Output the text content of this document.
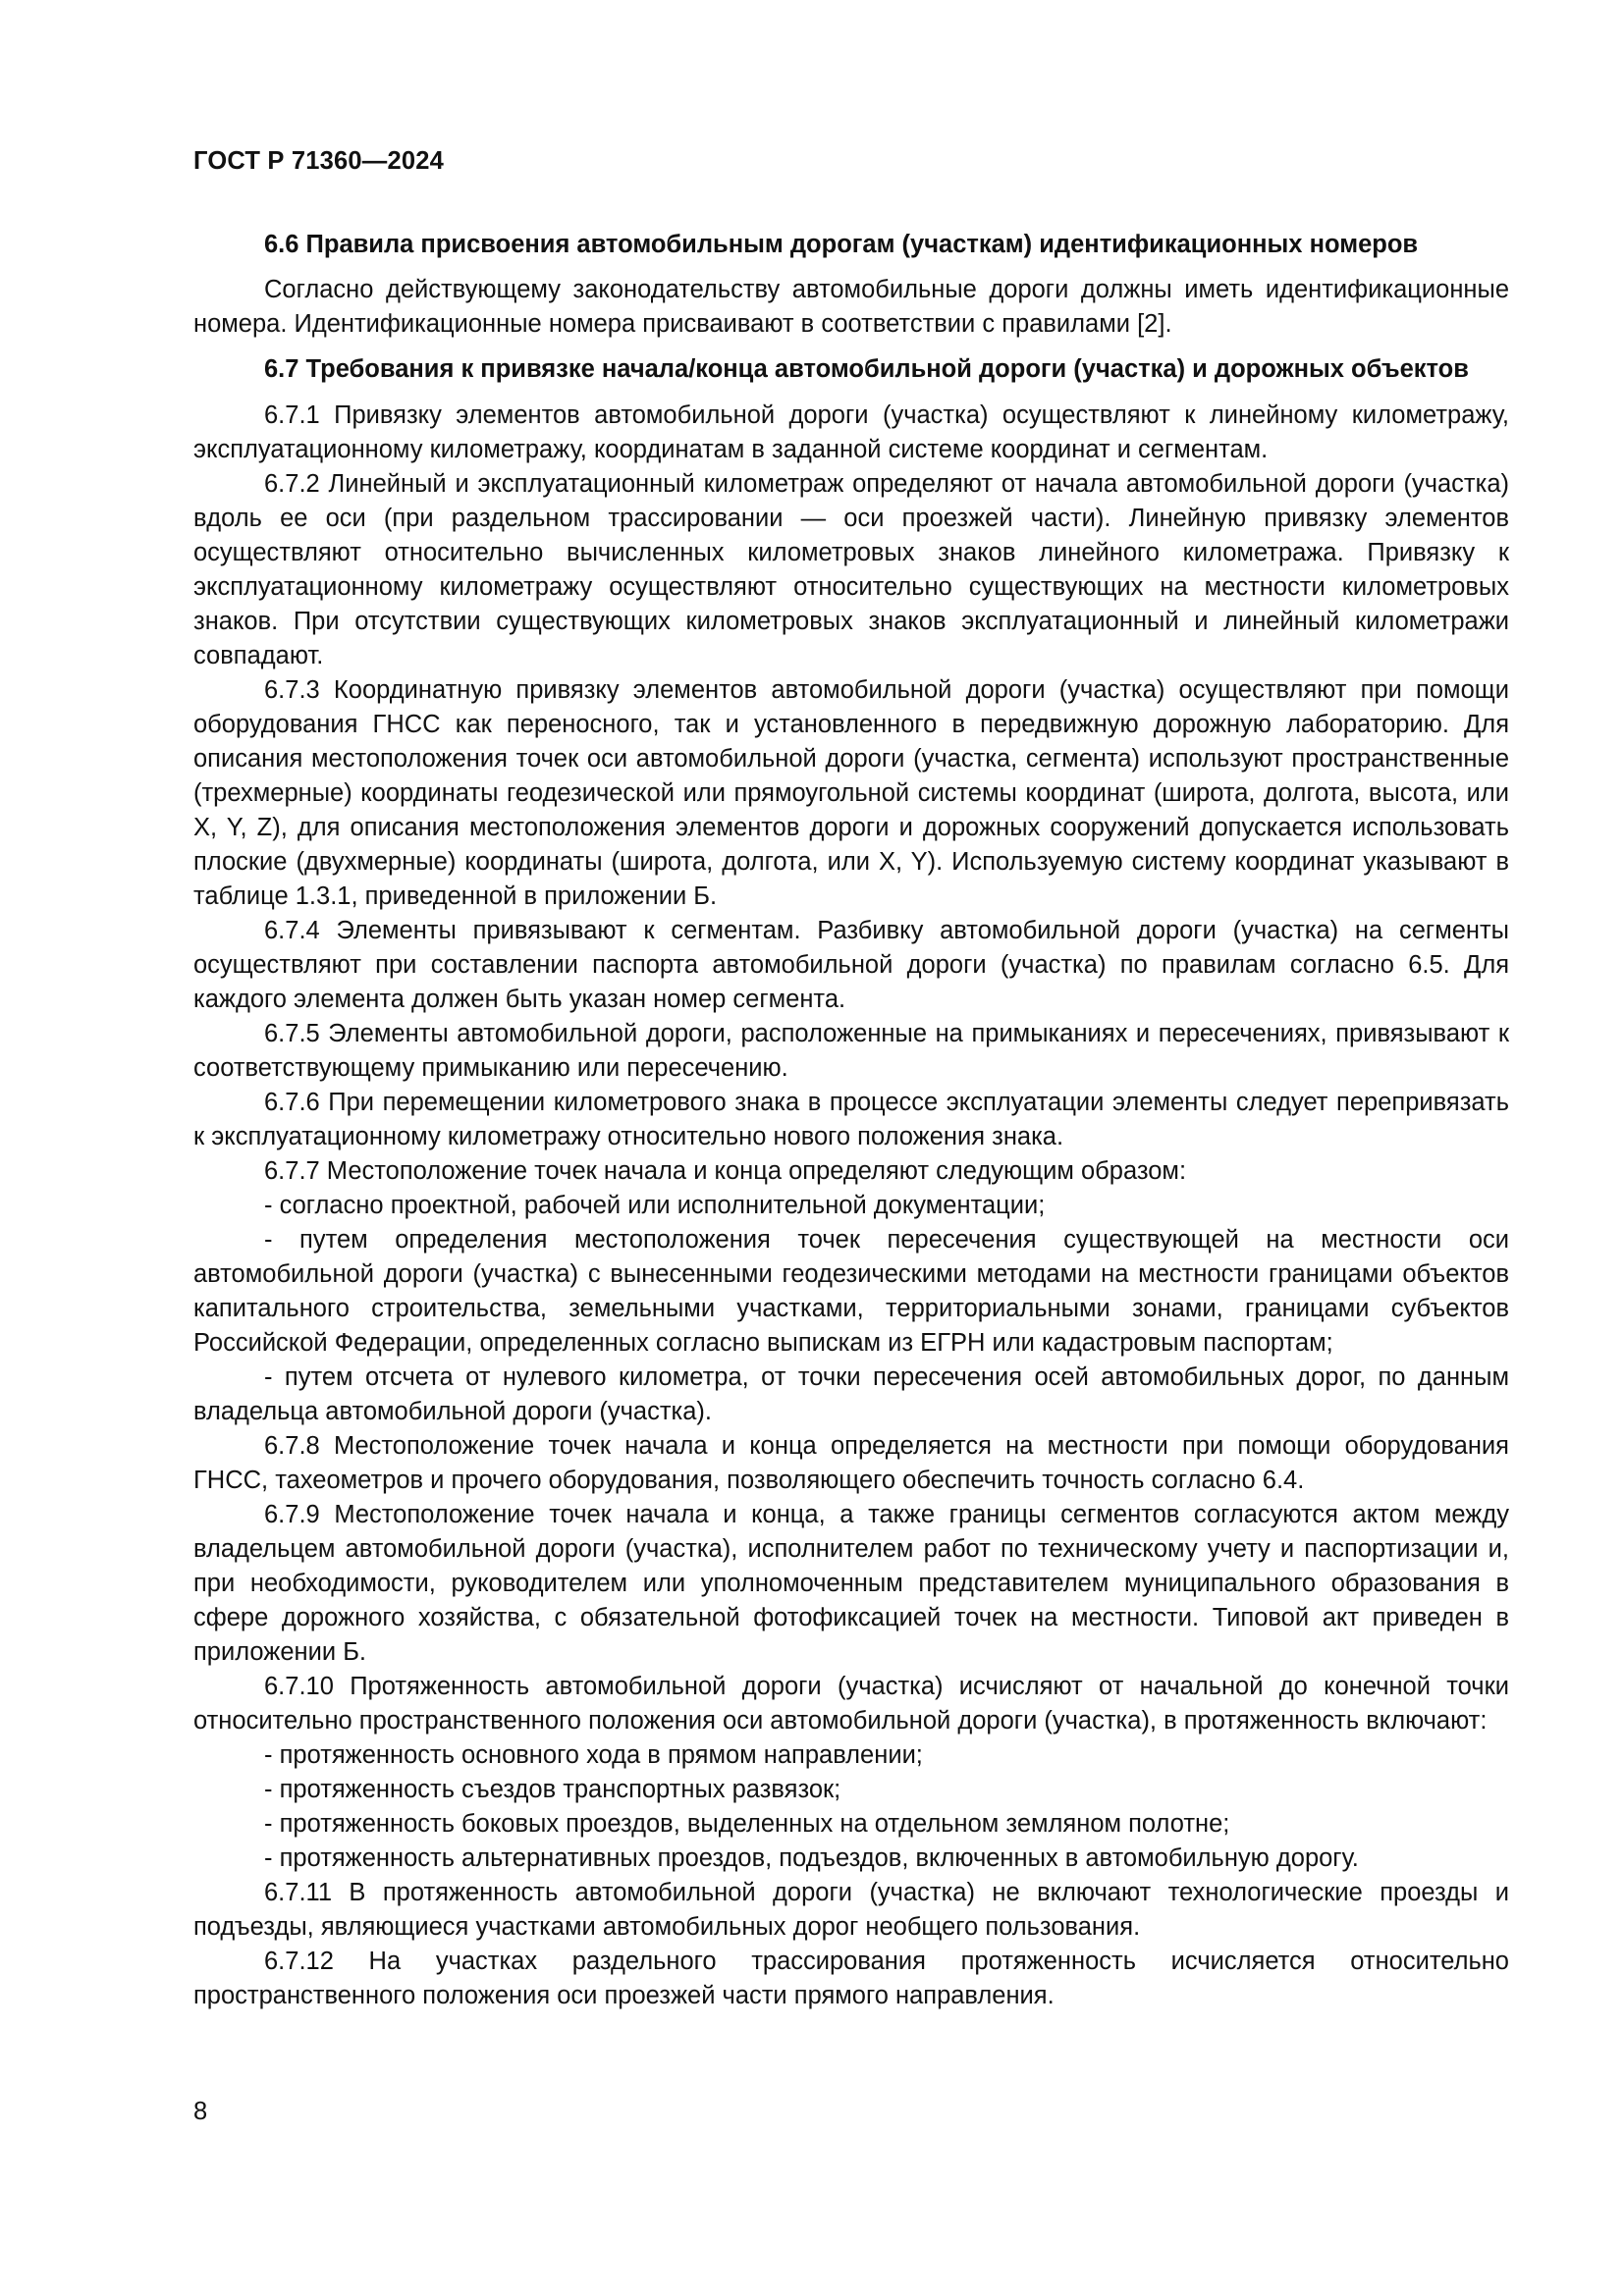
ГОСТ Р 71360—2024
6.6 Правила присвоения автомобильным дорогам (участкам) идентификационных номеров

Согласно действующему законодательству автомобильные дороги должны иметь идентификационные номера. Идентификационные номера присваивают в соответствии с правилами [2].

6.7 Требования к привязке начала/конца автомобильной дороги (участка) и дорожных объектов

6.7.1 Привязку элементов автомобильной дороги (участка) осуществляют к линейному километражу, эксплуатационному километражу, координатам в заданной системе координат и сегментам.

6.7.2 Линейный и эксплуатационный километраж определяют от начала автомобильной дороги (участка) вдоль ее оси (при раздельном трассировании — оси проезжей части). Линейную привязку элементов осуществляют относительно вычисленных километровых знаков линейного километража. Привязку к эксплуатационному километражу осуществляют относительно существующих на местности километровых знаков. При отсутствии существующих километровых знаков эксплуатационный и линейный километражи совпадают.

6.7.3 Координатную привязку элементов автомобильной дороги (участка) осуществляют при помощи оборудования ГНСС как переносного, так и установленного в передвижную дорожную лабораторию. Для описания местоположения точек оси автомобильной дороги (участка, сегмента) используют пространственные (трехмерные) координаты геодезической или прямоугольной системы координат (широта, долгота, высота, или X, Y, Z), для описания местоположения элементов дороги и дорожных сооружений допускается использовать плоские (двухмерные) координаты (широта, долгота, или X, Y). Используемую систему координат указывают в таблице 1.3.1, приведенной в приложении Б.

6.7.4 Элементы привязывают к сегментам. Разбивку автомобильной дороги (участка) на сегменты осуществляют при составлении паспорта автомобильной дороги (участка) по правилам согласно 6.5. Для каждого элемента должен быть указан номер сегмента.

6.7.5 Элементы автомобильной дороги, расположенные на примыканиях и пересечениях, привязывают к соответствующему примыканию или пересечению.

6.7.6 При перемещении километрового знака в процессе эксплуатации элементы следует перепривязать к эксплуатационному километражу относительно нового положения знака.

6.7.7 Местоположение точек начала и конца определяют следующим образом:

- согласно проектной, рабочей или исполнительной документации;

- путем определения местоположения точек пересечения существующей на местности оси автомобильной дороги (участка) с вынесенными геодезическими методами на местности границами объектов капитального строительства, земельными участками, территориальными зонами, границами субъектов Российской Федерации, определенных согласно выпискам из ЕГРН или кадастровым паспортам;

- путем отсчета от нулевого километра, от точки пересечения осей автомобильных дорог, по данным владельца автомобильной дороги (участка).

6.7.8 Местоположение точек начала и конца определяется на местности при помощи оборудования ГНСС, тахеометров и прочего оборудования, позволяющего обеспечить точность согласно 6.4.

6.7.9 Местоположение точек начала и конца, а также границы сегментов согласуются актом между владельцем автомобильной дороги (участка), исполнителем работ по техническому учету и паспортизации и, при необходимости, руководителем или уполномоченным представителем муниципального образования в сфере дорожного хозяйства, с обязательной фотофиксацией точек на местности. Типовой акт приведен в приложении Б.

6.7.10 Протяженность автомобильной дороги (участка) исчисляют от начальной до конечной точки относительно пространственного положения оси автомобильной дороги (участка), в протяженность включают:

- протяженность основного хода в прямом направлении;

- протяженность съездов транспортных развязок;

- протяженность боковых проездов, выделенных на отдельном земляном полотне;

- протяженность альтернативных проездов, подъездов, включенных в автомобильную дорогу.

6.7.11 В протяженность автомобильной дороги (участка) не включают технологические проезды и подъезды, являющиеся участками автомобильных дорог необщего пользования.

6.7.12 На участках раздельного трассирования протяженность исчисляется относительно пространственного положения оси проезжей части прямого направления.

8
